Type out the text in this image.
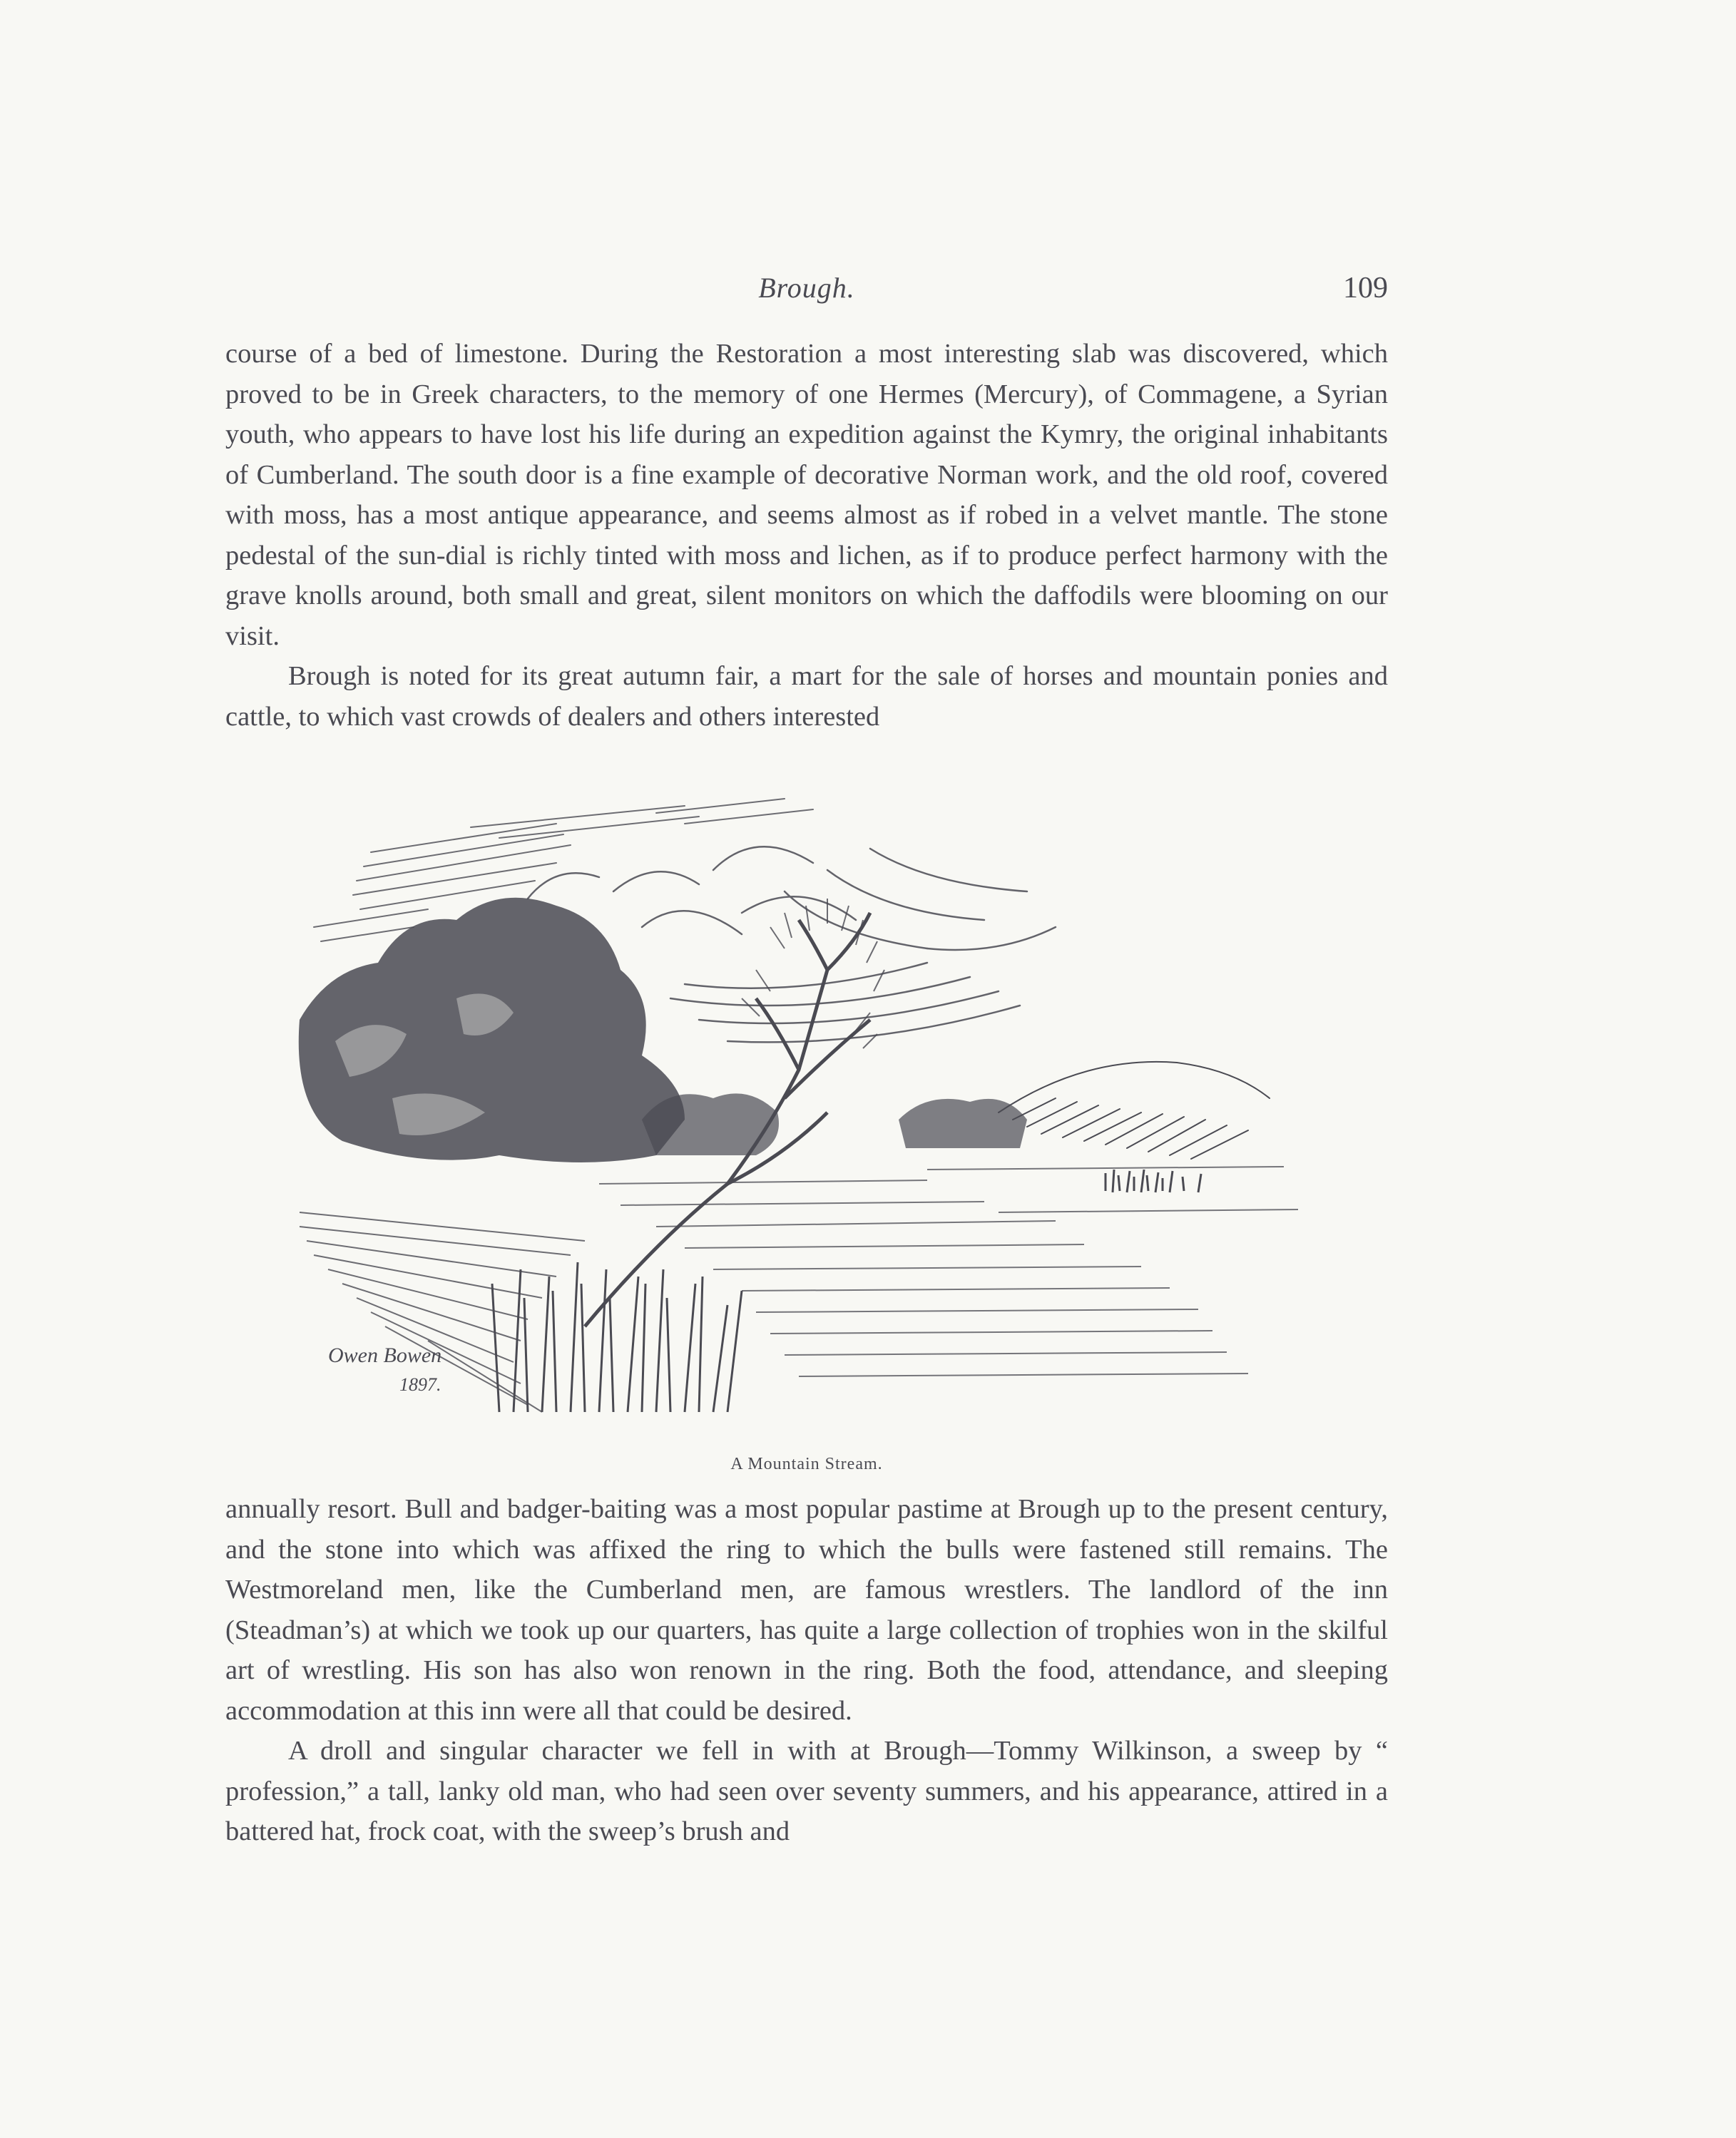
Brough.	109

course of a bed of limestone. During the Restoration a most interesting slab was discovered, which proved to be in Greek characters, to the memory of one Hermes (Mercury), of Commagene, a Syrian youth, who appears to have lost his life during an expedition against the Kymry, the original inhabitants of Cumberland. The south door is a fine example of decorative Norman work, and the old roof, covered with moss, has a most antique appearance, and seems almost as if robed in a velvet mantle. The stone pedestal of the sun-dial is richly tinted with moss and lichen, as if to produce perfect harmony with the grave knolls around, both small and great, silent monitors on which the daffodils were blooming on our visit.

Brough is noted for its great autumn fair, a mart for the sale of horses and mountain ponies and cattle, to which vast crowds of dealers and others interested

Owen Bowen
1897.
A Mountain Stream.

annually resort. Bull and badger-baiting was a most popular pastime at Brough up to the present century, and the stone into which was affixed the ring to which the bulls were fastened still remains. The Westmoreland men, like the Cumberland men, are famous wrestlers. The landlord of the inn (Steadman’s) at which we took up our quarters, has quite a large collection of trophies won in the skilful art of wrestling. His son has also won renown in the ring. Both the food, attendance, and sleeping accommodation at this inn were all that could be desired.

A droll and singular character we fell in with at Brough—Tommy Wilkinson, a sweep by “ profession,” a tall, lanky old man, who had seen over seventy summers, and his appearance, attired in a battered hat, frock coat, with the sweep’s brush and
